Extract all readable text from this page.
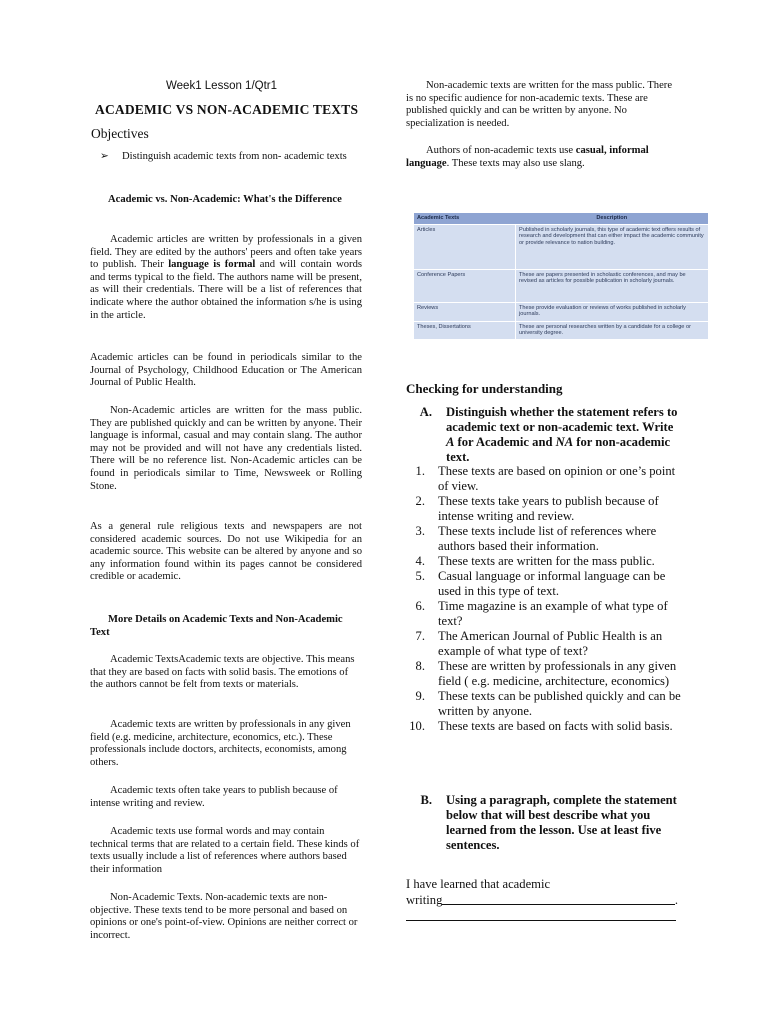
Week1 Lesson 1/Qtr1
ACADEMIC VS NON-ACADEMIC TEXTS
Objectives
➢ Distinguish academic texts from non- academic texts
Academic vs. Non-Academic: What's the Difference

Academic articles are written by professionals in a given field. They are edited by the authors' peers and often take years to publish. Their language is formal and will contain words and terms typical to the field. The authors name will be present, as will their credentials. There will be a list of references that indicate where the author obtained the information s/he is using in the article.

Academic articles can be found in periodicals similar to the Journal of Psychology, Childhood Education or The American Journal of Public Health.

Non-Academic articles are written for the mass public. They are published quickly and can be written by anyone. Their language is informal, casual and may contain slang. The author may not be provided and will not have any credentials listed. There will be no reference list. Non-Academic articles can be found in periodicals similar to Time, Newsweek or Rolling Stone.

As a general rule religious texts and newspapers are not considered academic sources. Do not use Wikipedia for an academic source. This website can be altered by anyone and so any information found within its pages cannot be considered credible or academic.

More Details on Academic Texts and Non-Academic Text

Academic TextsAcademic texts are objective. This means that they are based on facts with solid basis. The emotions of the authors cannot be felt from texts or materials.

Academic texts are written by professionals in any given field (e.g. medicine, architecture, economics, etc.). These professionals include doctors, architects, economists, among others.

Academic texts often take years to publish because of intense writing and review.

Academic texts use formal words and may contain technical terms that are related to a certain field. These kinds of texts usually include a list of references where authors based their information

Non-Academic Texts. Non-academic texts are non-objective. These texts tend to be more personal and based on opinions or one's point-of-view. Opinions are neither correct or incorrect.

Non-academic texts are written for the mass public. There is no specific audience for non-academic texts. These are published quickly and can be written by anyone. No specialization is needed.

Authors of non-academic texts use casual, informal language. These texts may also use slang.

Academic Texts	Description
Articles	Published in scholarly journals, this type of academic text offers results of research and development that can either impact the academic community or provide relevance to nation building.
Conference Papers	These are papers presented in scholastic conferences, and may be revised as articles for possible publication in scholarly journals.
Reviews	These provide evaluation or reviews of works published in scholarly journals.
Theses, Dissertations	These are personal researches written by a candidate for a college or university degree.
Checking for understanding
A.	Distinguish whether the statement refers to academic text or non-academic text. Write A for Academic and NA for non-academic text.
1.	These texts are based on opinion or one’s point of view.
2.	These texts take years to publish because of intense writing and review.
3.	These texts include list of references where authors based their information.
4.	These texts are written for the mass public.
5.	Casual language or informal language can be used in this type of text.
6.	Time magazine is an example of what type of text?
7.	The American Journal of Public Health is an example of what type of text?
8.	These are written by professionals in any given field ( e.g. medicine, architecture, economics)
9.	These texts can be published quickly and can be written by anyone.
10.	These texts are based on facts with solid basis.
B.	Using a paragraph, complete the statement below that will best describe what you learned from the lesson. Use at least five sentences.
I have learned that academic
writing	.
